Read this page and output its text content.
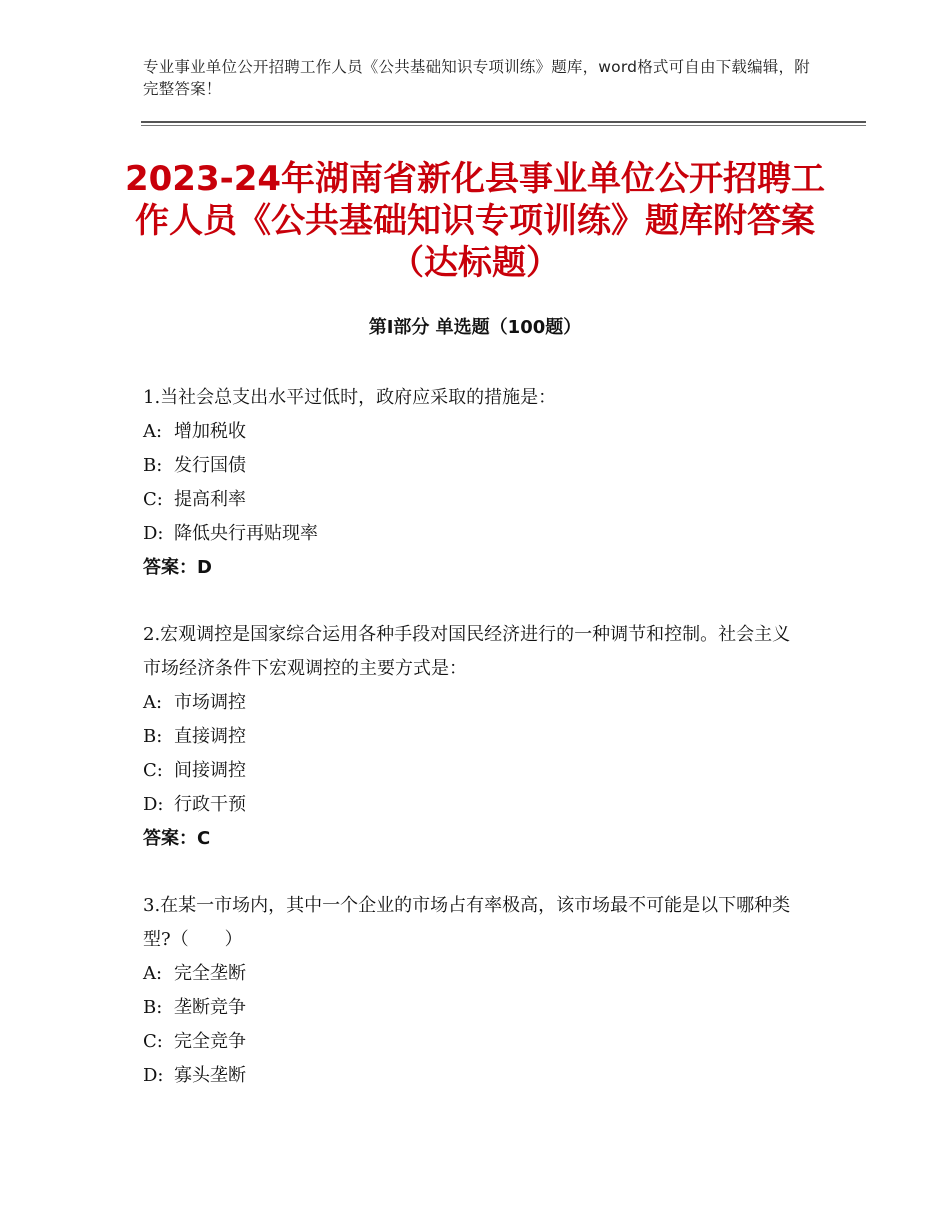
专业事业单位公开招聘工作人员《公共基础知识专项训练》题库，word格式可自由下载编辑，附完整答案！
2023-24年湖南省新化县事业单位公开招聘工作人员《公共基础知识专项训练》题库附答案（达标题）
第Ⅰ部分 单选题（100题）

1.当社会总支出水平过低时，政府应采取的措施是：

A: 增加税收
B: 发行国债
C: 提高利率
D: 降低央行再贴现率
答案：D

2.宏观调控是国家综合运用各种手段对国民经济进行的一种调节和控制。社会主义市场经济条件下宏观调控的主要方式是：

A: 市场调控
B: 直接调控
C: 间接调控
D: 行政干预
答案：C

3.在某一市场内，其中一个企业的市场占有率极高，该市场最不可能是以下哪种类型?（　　）

A: 完全垄断
B: 垄断竞争
C: 完全竞争
D: 寡头垄断
